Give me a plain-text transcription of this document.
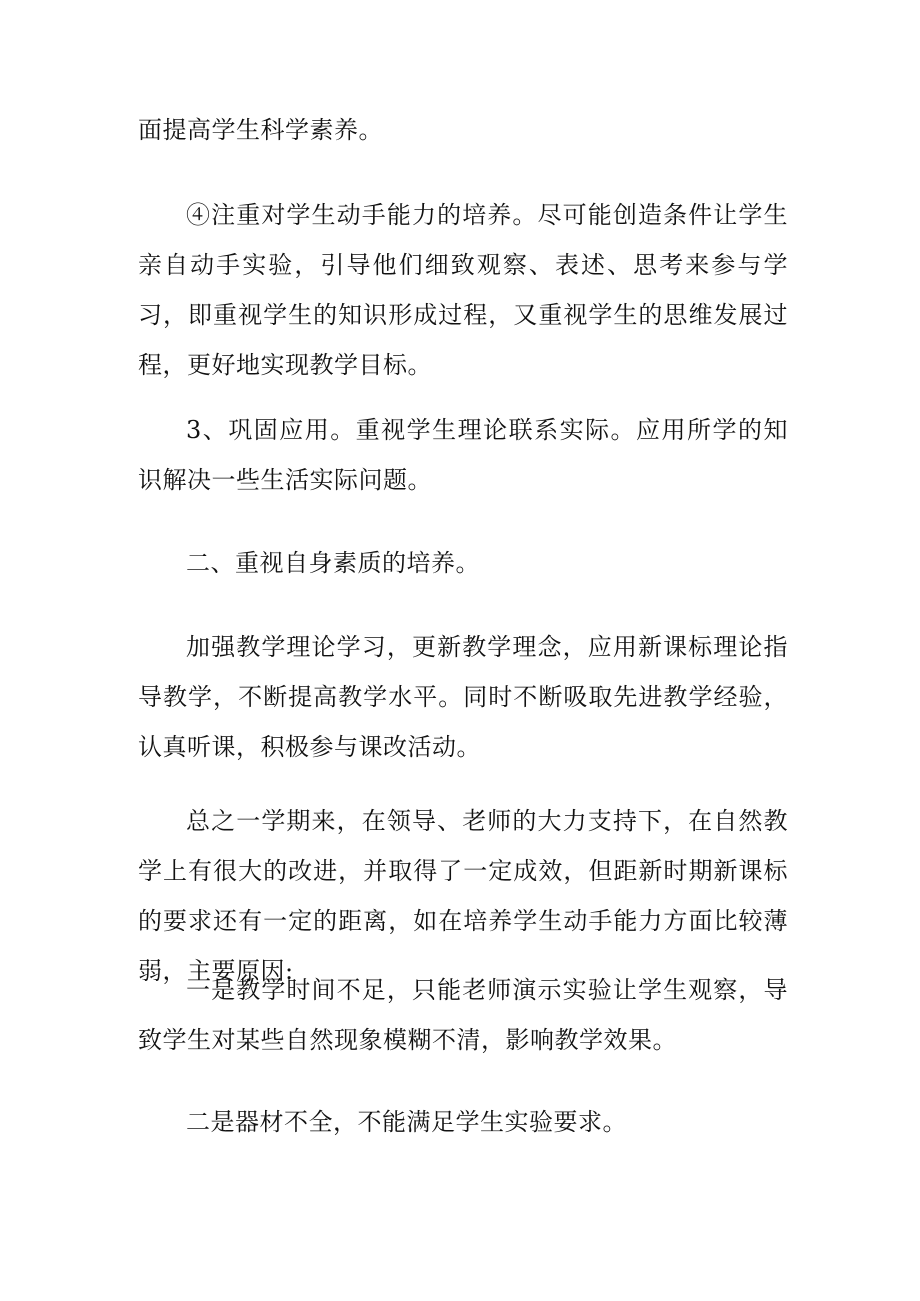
面提高学生科学素养。

④注重对学生动手能力的培养。尽可能创造条件让学生亲自动手实验，引导他们细致观察、表述、思考来参与学习，即重视学生的知识形成过程，又重视学生的思维发展过程，更好地实现教学目标。

3、巩固应用。重视学生理论联系实际。应用所学的知识解决一些生活实际问题。

二、重视自身素质的培养。

加强教学理论学习，更新教学理念，应用新课标理论指导教学，不断提高教学水平。同时不断吸取先进教学经验，认真听课，积极参与课改活动。

总之一学期来，在领导、老师的大力支持下，在自然教学上有很大的改进，并取得了一定成效，但距新时期新课标的要求还有一定的距离，如在培养学生动手能力方面比较薄弱，主要原因:

一是教学时间不足，只能老师演示实验让学生观察，导致学生对某些自然现象模糊不清，影响教学效果。

二是器材不全，不能满足学生实验要求。
